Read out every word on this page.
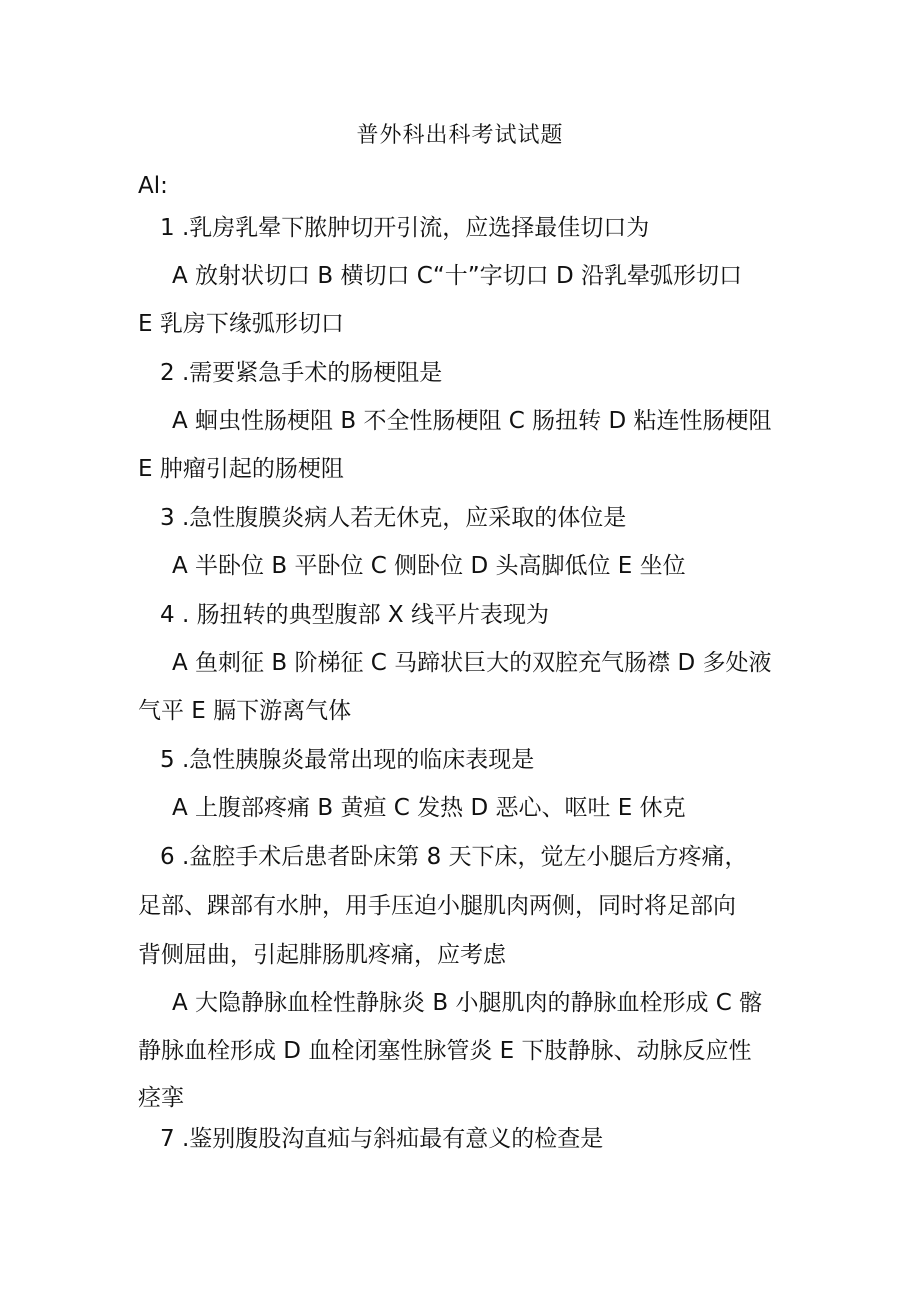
普外科出科考试试题
Al:
1 .乳房乳晕下脓肿切开引流，应选择最佳切口为
A 放射状切口 B 横切口 C“十”字切口 D 沿乳晕弧形切口
E 乳房下缘弧形切口
2 .需要紧急手术的肠梗阻是
A 蛔虫性肠梗阻 B 不全性肠梗阻 C 肠扭转 D 粘连性肠梗阻
E 肿瘤引起的肠梗阻
3 .急性腹膜炎病人若无休克，应采取的体位是
A 半卧位 B 平卧位 C 侧卧位 D 头高脚低位 E 坐位
4 . 肠扭转的典型腹部 X 线平片表现为
A 鱼刺征 B 阶梯征 C 马蹄状巨大的双腔充气肠襟 D 多处液
气平 E 膈下游离气体
5 .急性胰腺炎最常出现的临床表现是
A 上腹部疼痛 B 黄疸 C 发热 D 恶心、呕吐 E 休克
6 .盆腔手术后患者卧床第 8 天下床，觉左小腿后方疼痛，
足部、踝部有水肿，用手压迫小腿肌肉两侧，同时将足部向
背侧屈曲，引起腓肠肌疼痛，应考虑
A 大隐静脉血栓性静脉炎 B 小腿肌肉的静脉血栓形成 C 髂
静脉血栓形成 D 血栓闭塞性脉管炎 E 下肢静脉、动脉反应性
痉挛
7 .鉴别腹股沟直疝与斜疝最有意义的检查是
